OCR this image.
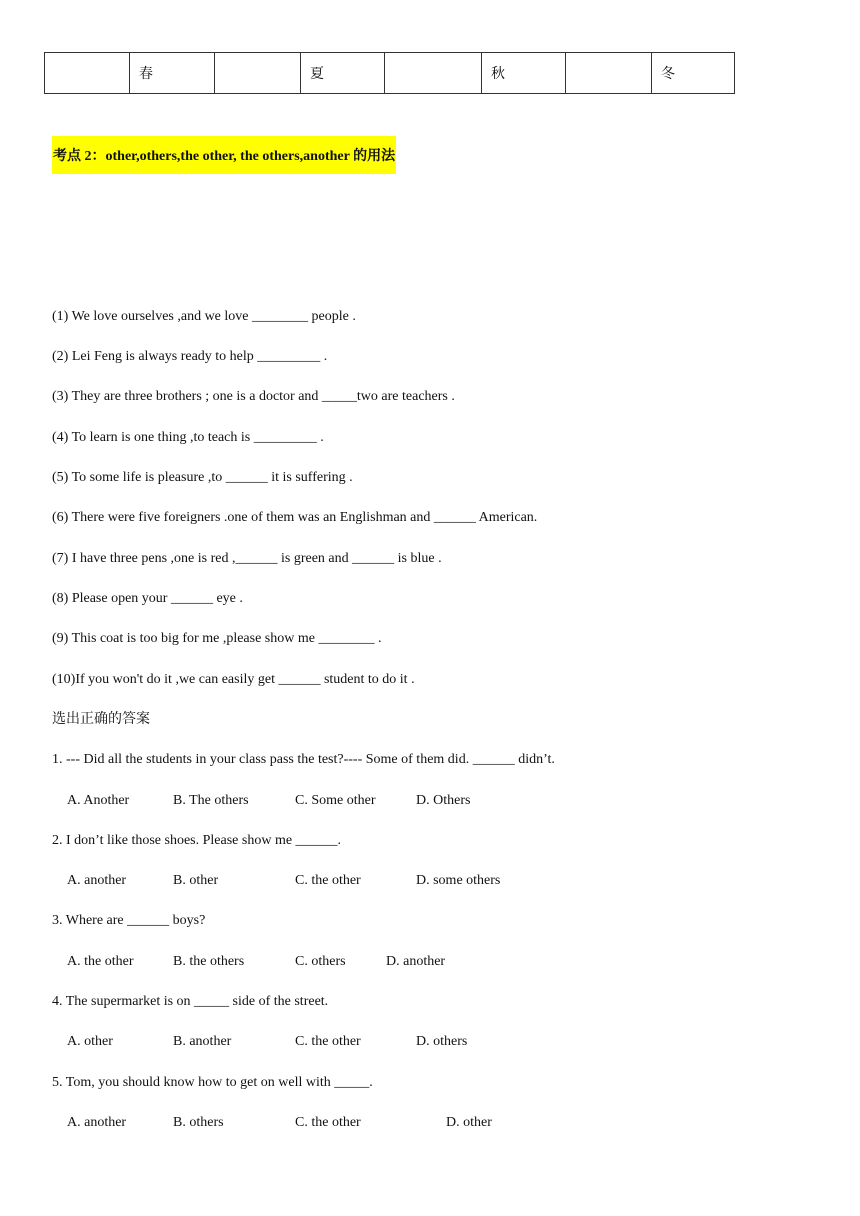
	春		夏		秋		冬
考点 2：other,others,the other, the others,another 的用法
(1) We love ourselves ,and we love ________ people .
(2) Lei Feng is always ready to help _________ .
(3) They are three brothers ; one is a doctor and _____two are teachers .
(4) To learn is one thing ,to teach is _________ .
(5) To some life is pleasure ,to ______ it is suffering .
(6) There were five foreigners .one of them was an Englishman and ______ American.
(7) I have three pens ,one is red ,______ is green and ______ is blue .
(8) Please open your ______ eye .
(9) This coat is too big for me ,please show me ________ .
(10)If you won't do it ,we can easily get ______ student to do it .
选出正确的答案
1. --- Did all the students in your class pass the test?---- Some of them did. ______ didn’t.
A. Another	B. The others	C. Some other	D. Others
2. I don’t like those shoes. Please show me ______.
A. another	B. other	C. the other	D. some others
3. Where are ______ boys?
A. the other	B. the others	C. others	D. another
4. The supermarket is on _____ side of the street.
A. other	B. another	C. the other	D. others
5. Tom, you should know how to get on well with _____.
A. another	B. others	C. the other	D. other
